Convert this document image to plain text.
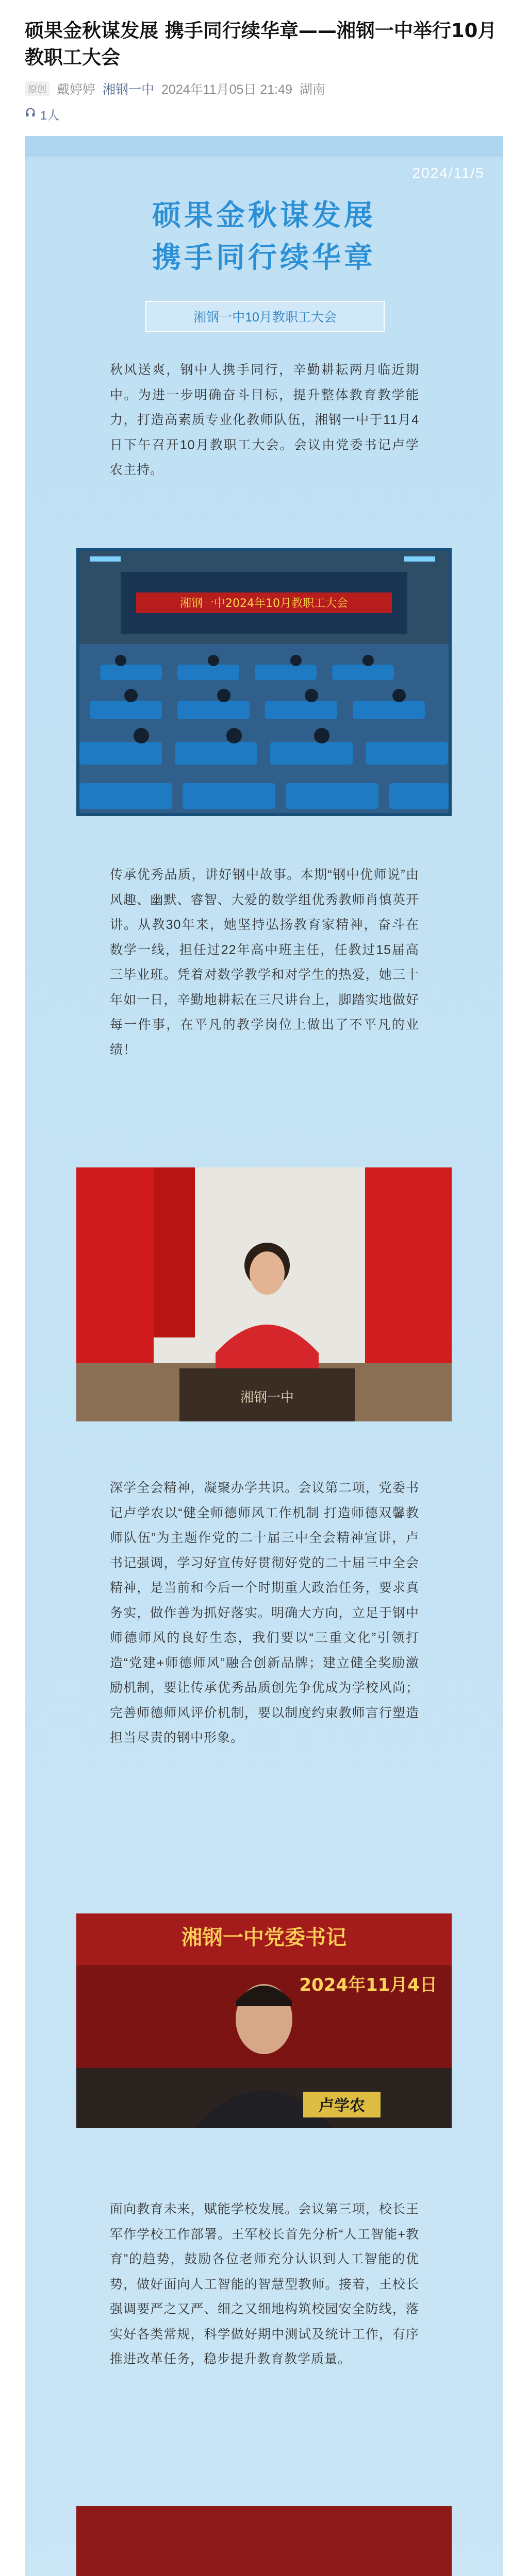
硕果金秋谋发展 携手同行续华章——湘钢一中举行10月教职工大会
原创 戴婷婷 湘钢一中 2024年11月05日 21:49 湖南
1人
2024/11/5
硕果金秋谋发展
携手同行续华章
湘钢一中10月教职工大会

秋风送爽，钢中人携手同行，辛勤耕耘两月临近期中。为进一步明确奋斗目标，提升整体教育教学能力，打造高素质专业化教师队伍，湘钢一中于11月4日下午召开10月教职工大会。会议由党委书记卢学农主持。

湘钢一中2024年10月教职工大会

传承优秀品质，讲好钢中故事。本期“钢中优师说”由风趣、幽默、睿智、大爱的数学组优秀教师肖慎英开讲。从教30年来，她坚持弘扬教育家精神，奋斗在数学一线，担任过22年高中班主任，任教过15届高三毕业班。凭着对数学教学和对学生的热爱，她三十年如一日，辛勤地耕耘在三尺讲台上，脚踏实地做好每一件事，在平凡的教学岗位上做出了不平凡的业绩！

湘钢一中

深学全会精神，凝聚办学共识。会议第二项，党委书记卢学农以“健全师德师风工作机制 打造师德双馨教师队伍”为主题作党的二十届三中全会精神宣讲，卢书记强调，学习好宣传好贯彻好党的二十届三中全会精神，是当前和今后一个时期重大政治任务，要求真务实，做作善为抓好落实。明确大方向，立足于钢中师德师风的良好生态，我们要以“三重文化”引领打造“党建+师德师风”融合创新品牌；建立健全奖励激励机制，要让传承优秀品质创先争优成为学校风尚；完善师德师风评价机制，要以制度约束教师言行塑造担当尽责的钢中形象。

湘钢一中党委书记
2024年11月4日
卢学农

面向教育未来，赋能学校发展。会议第三项，校长王军作学校工作部署。王军校长首先分析“人工智能+教育”的趋势，鼓励各位老师充分认识到人工智能的优势，做好面向人工智能的智慧型教师。接着，王校长强调要严之又严、细之又细地构筑校园安全防线，落实好各类常规，科学做好期中测试及统计工作，有序推进改革任务，稳步提升教育教学质量。
